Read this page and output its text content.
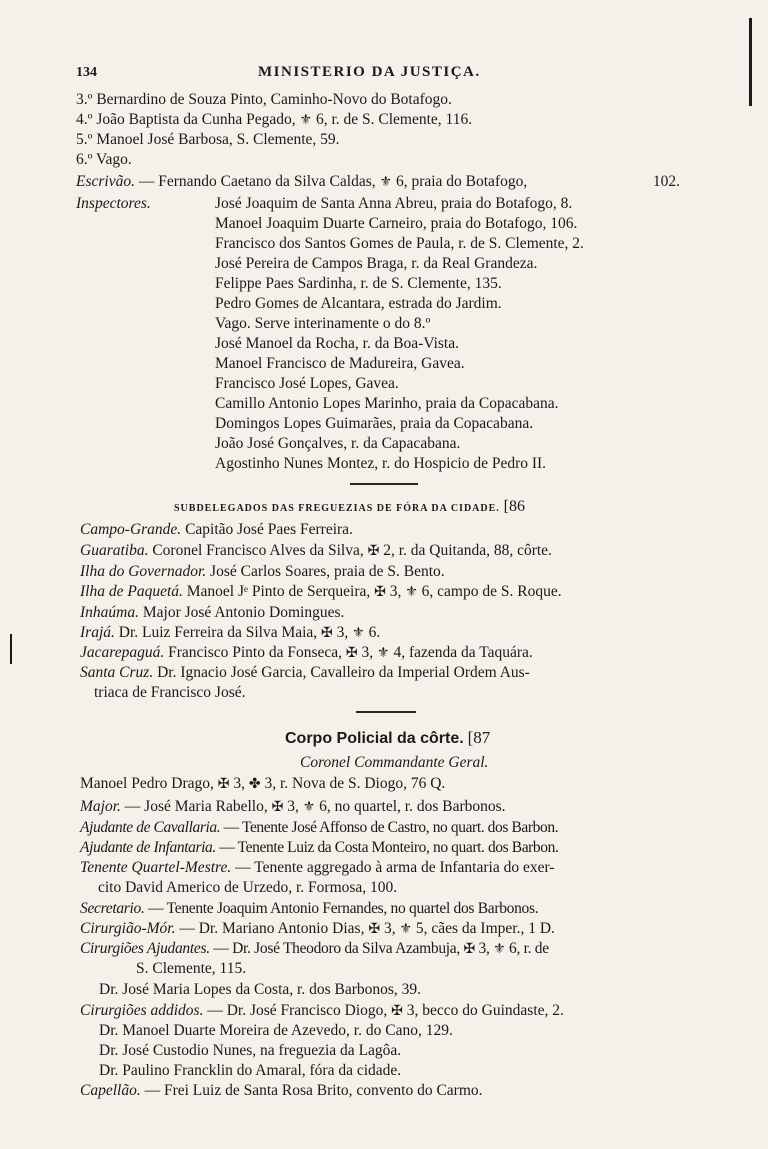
134	MINISTERIO DA JUSTIÇA.
3.º Bernardino de Souza Pinto, Caminho-Novo do Botafogo.
4.º João Baptista da Cunha Pegado, ⚜ 6, r. de S. Clemente, 116.
5.º Manoel José Barbosa, S. Clemente, 59.
6.º Vago.
Escrivão. — Fernando Caetano da Silva Caldas, ⚜ 6, praia do Botafogo,	102.
Inspectores.	José Joaquim de Santa Anna Abreu, praia do Botafogo, 8.
Manoel Joaquim Duarte Carneiro, praia do Botafogo, 106.
Francisco dos Santos Gomes de Paula, r. de S. Clemente, 2.
José Pereira de Campos Braga, r. da Real Grandeza.
Felippe Paes Sardinha, r. de S. Clemente, 135.
Pedro Gomes de Alcantara, estrada do Jardim.
Vago. Serve interinamente o do 8.º
José Manoel da Rocha, r. da Boa-Vista.
Manoel Francisco de Madureira, Gavea.
Francisco José Lopes, Gavea.
Camillo Antonio Lopes Marinho, praia da Copacabana.
Domingos Lopes Guimarães, praia da Copacabana.
João José Gonçalves, r. da Capacabana.
Agostinho Nunes Montez, r. do Hospicio de Pedro II.
SUBDELEGADOS DAS FREGUEZIAS DE FÓRA DA CIDADE. [86
Campo-Grande. Capitão José Paes Ferreira.
Guaratiba. Coronel Francisco Alves da Silva, ✠ 2, r. da Quitanda, 88, côrte.
Ilha do Governador. José Carlos Soares, praia de S. Bento.
Ilha de Paquetá. Manoel Jᵉ Pinto de Serqueira, ✠ 3, ⚜ 6, campo de S. Roque.
Inhaúma. Major José Antonio Domingues.
Irajá. Dr. Luiz Ferreira da Silva Maia, ✠ 3, ⚜ 6.
Jacarepaguá. Francisco Pinto da Fonseca, ✠ 3, ⚜ 4, fazenda da Taquára.
Santa Cruz. Dr. Ignacio José Garcia, Cavalleiro da Imperial Ordem Aus-
triaca de Francisco José.
Corpo Policial da côrte. [87
Coronel Commandante Geral.
Manoel Pedro Drago, ✠ 3, ✤ 3, r. Nova de S. Diogo, 76 Q.
Major. — José Maria Rabello, ✠ 3, ⚜ 6, no quartel, r. dos Barbonos.
Ajudante de Cavallaria. — Tenente José Affonso de Castro, no quart. dos Barbon.
Ajudante de Infantaria. — Tenente Luiz da Costa Monteiro, no quart. dos Barbon.
Tenente Quartel-Mestre. — Tenente aggregado à arma de Infantaria do exer-
cito David Americo de Urzedo, r. Formosa, 100.
Secretario. — Tenente Joaquim Antonio Fernandes, no quartel dos Barbonos.
Cirurgião-Mór. — Dr. Mariano Antonio Dias, ✠ 3, ⚜ 5, cães da Imper., 1 D.
Cirurgiões Ajudantes. — Dr. José Theodoro da Silva Azambuja, ✠ 3, ⚜ 6, r. de
S. Clemente, 115.
Dr. José Maria Lopes da Costa, r. dos Barbonos, 39.
Cirurgiões addidos. — Dr. José Francisco Diogo, ✠ 3, becco do Guindaste, 2.
Dr. Manoel Duarte Moreira de Azevedo, r. do Cano, 129.
Dr. José Custodio Nunes, na freguezia da Lagôa.
Dr. Paulino Francklin do Amaral, fóra da cidade.
Capellão. — Frei Luiz de Santa Rosa Brito, convento do Carmo.
